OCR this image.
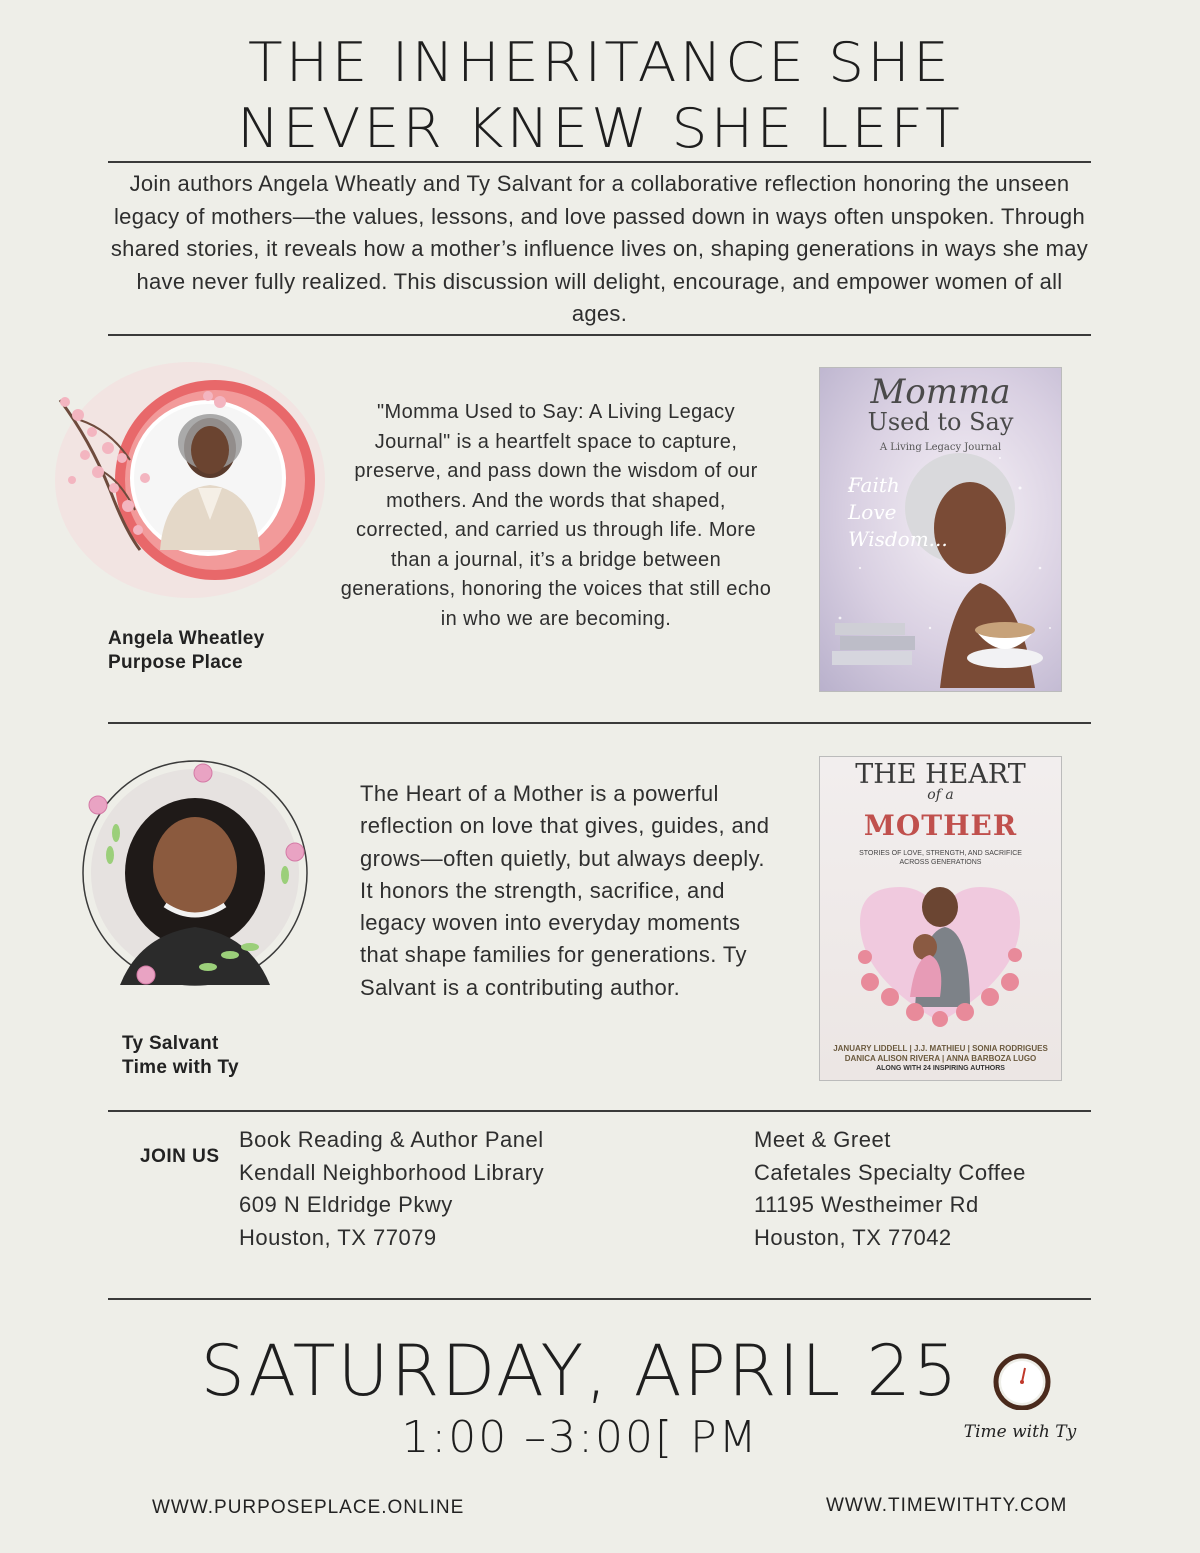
THE INHERITANCE SHE
NEVER KNEW SHE LEFT
Join authors Angela Wheatly and Ty Salvant for a collaborative reflection honoring the unseen legacy of mothers—the values, lessons, and love passed down in ways often unspoken. Through shared stories, it reveals how a mother’s influence lives on, shaping generations in ways she may have never fully realized. This discussion will delight, encourage, and empower women of all ages.
Angela Wheatley
Purpose Place
"Momma Used to Say: A Living Legacy Journal" is a heartfelt space to capture, preserve, and pass down the wisdom of our mothers. And the words that shaped, corrected, and carried us through life. More than a journal, it’s a bridge between generations, honoring the voices that still echo in who we are becoming.
Momma
Used to Say
A Living Legacy Journal
Faith
Love
Wisdom...
Ty Salvant
Time with Ty
The Heart of a Mother is a powerful reflection on love that gives, guides, and grows—often quietly, but always deeply. It honors the strength, sacrifice, and legacy woven into everyday moments that shape families for generations. Ty Salvant is a contributing author.
THE HEART
of a
MOTHER
STORIES OF LOVE, STRENGTH, AND SACRIFICE ACROSS GENERATIONS
JANUARY LIDDELL | J.J. MATHIEU | SONIA RODRIGUES
DANICA ALISON RIVERA | ANNA BARBOZA LUGO
ALONG WITH 24 INSPIRING AUTHORS
JOIN US
Book Reading & Author Panel
Kendall Neighborhood Library
609 N Eldridge Pkwy
Houston, TX 77079
Meet & Greet
Cafetales Specialty Coffee
11195 Westheimer Rd
Houston, TX 77042
SATURDAY, APRIL 25
1:00 –3:00[ PM	Time with Ty
WWW.PURPOSEPLACE.ONLINE	WWW.TIMEWITHTY.COM
